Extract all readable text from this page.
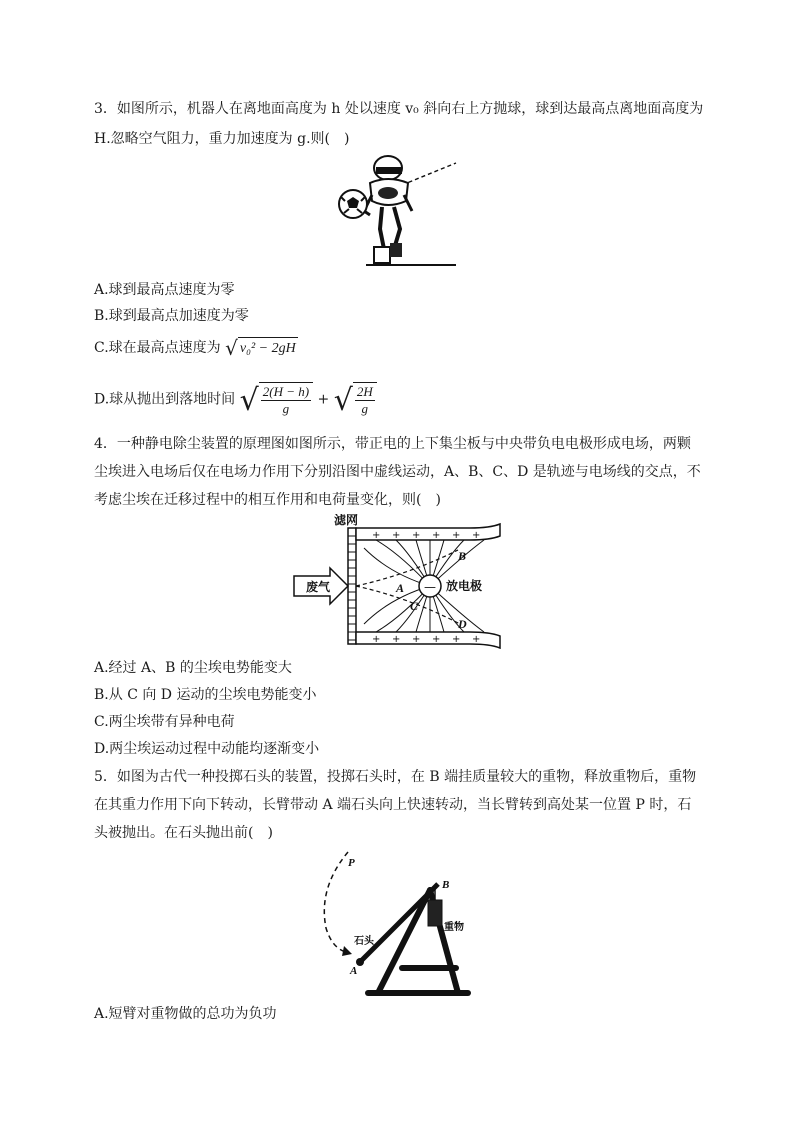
3．如图所示，机器人在离地面高度为 h 处以速度 v₀ 斜向右上方抛球，球到达最高点离地面高度为
H.忽略空气阻力，重力加速度为 g.则(　)
A.球到最高点速度为零
B.球到最高点加速度为零
C.球在最高点速度为 √ v₀² − 2gH
D.球从抛出到落地时间 √ $\frac{2(H - h)}{g}$ + √ $\frac{2H}{g}$
4．一种静电除尘装置的原理图如图所示，带正电的上下集尘板与中央带负电电极形成电场，两颗
尘埃进入电场后仅在电场力作用下分别沿图中虚线运动，A、B、C、D 是轨迹与电场线的交点，不
考虑尘埃在迁移过程中的相互作用和电荷量变化，则(　)
+ + + + + +
+ + + + + +
—
废气
滤网
放电极
A
B
C
D
A.经过 A、B 的尘埃电势能变大
B.从 C 向 D 运动的尘埃电势能变小
C.两尘埃带有异种电荷
D.两尘埃运动过程中动能均逐渐变小
5．如图为古代一种投掷石头的装置，投掷石头时，在 B 端挂质量较大的重物，释放重物后，重物
在其重力作用下向下转动，长臂带动 A 端石头向上快速转动，当长臂转到高处某一位置 P 时，石
头被抛出。在石头抛出前(　)
P
B
A
石头
重物
A.短臂对重物做的总功为负功
